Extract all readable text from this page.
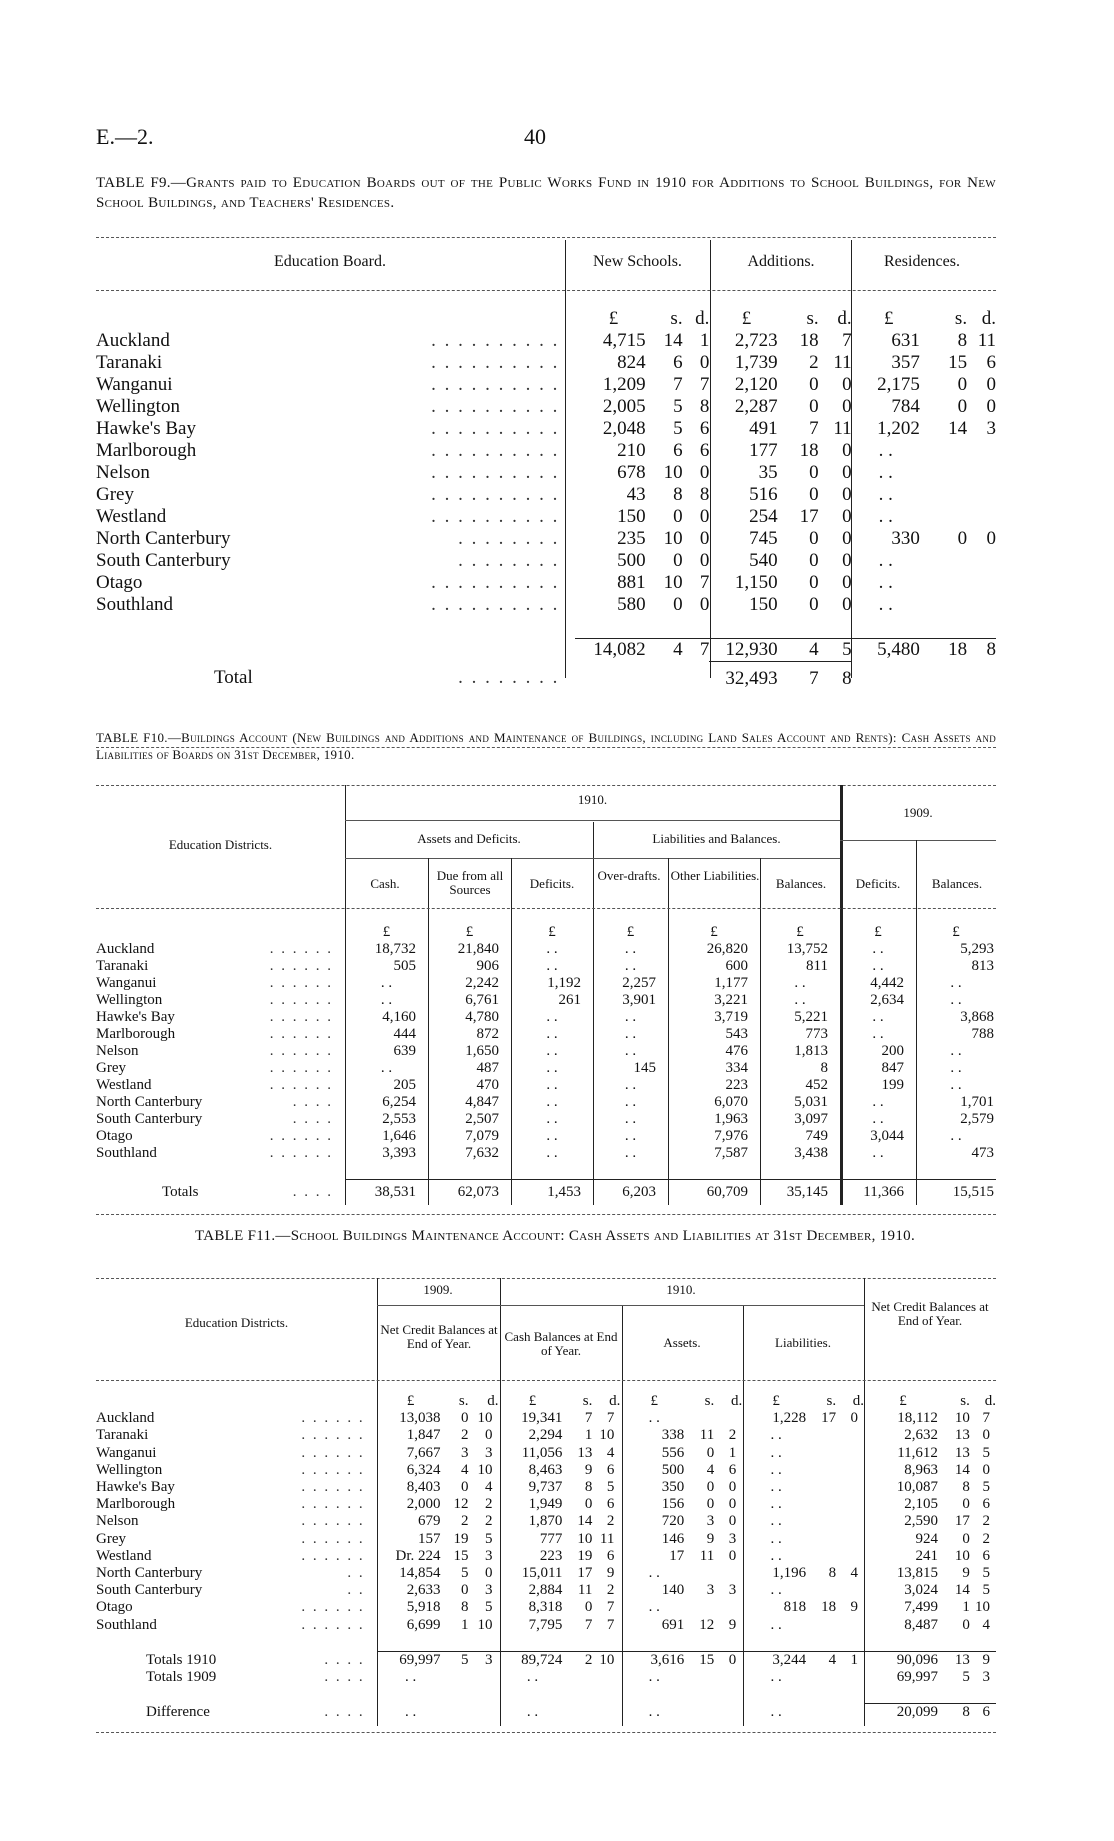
E.—2.	40
TABLE F9.—Grants paid to Education Boards out of the Public Works Fund in 1910 for Additions to School Buildings, for New School Buildings, and Teachers' Residences.
Education Board.	New Schools.	Additions.	Residences.
	£	s.	d.	£	s.	d.	£	s.	d.
Auckland . . . . . . . . . .	4,715	14	1	2,723	18	7	631	8	11
Taranaki . . . . . . . . . .	824	6	0	1,739	2	11	357	15	6
Wanganui . . . . . . . . . .	1,209	7	7	2,120	0	0	2,175	0	0
Wellington . . . . . . . . . .	2,005	5	8	2,287	0	0	784	0	0
Hawke's Bay . . . . . . . . . .	2,048	5	6	491	7	11	1,202	14	3
Marlborough . . . . . . . . . .	210	6	6	177	18	0	. .		
Nelson . . . . . . . . . .	678	10	0	35	0	0	. .		
Grey . . . . . . . . . .	43	8	8	516	0	0	. .		
Westland . . . . . . . . . .	150	0	0	254	17	0	. .		
North Canterbury . . . . . . . .	235	10	0	745	0	0	330	0	0
South Canterbury . . . . . . . .	500	0	0	540	0	0	. .		
Otago . . . . . . . . . .	881	10	7	1,150	0	0	. .		
Southland . . . . . . . . . .	580	0	0	150	0	0	. .		

	14,082	4	7	12,930	4	5	5,480	18	8
Total . . . . . . . .				32,493	7	8			
TABLE F10.—Buildings Account (New Buildings and Additions and Maintenance of Buildings, including Land Sales Account and Rents): Cash Assets and Liabilities of Boards on 31st December, 1910.
1910.
1909.
Education Districts.	Assets and Deficits.	Liabilities and Balances.
Cash.
Due from all Sources	Deficits.
Over-drafts. Other Liabilities.
Balances.	Deficits.	Balances.
	£	£	£	£	£	£	£	£
Auckland . . . . . .	18,732	21,840	. .	. .	26,820	13,752	. .	5,293
Taranaki . . . . . .	505	906	. .	. .	600	811	. .	813
Wanganui . . . . . .	. .	2,242	1,192	2,257	1,177	. .	4,442	. .
Wellington . . . . . .	. .	6,761	261	3,901	3,221	. .	2,634	. .
Hawke's Bay . . . . . .	4,160	4,780	. .	. .	3,719	5,221	. .	3,868
Marlborough . . . . . .	444	872	. .	. .	543	773	. .	788
Nelson . . . . . .	639	1,650	. .	. .	476	1,813	200	. .
Grey . . . . . .	. .	487	. .	145	334	8	847	. .
Westland . . . . . .	205	470	. .	. .	223	452	199	. .
North Canterbury . . . .	6,254	4,847	. .	. .	6,070	5,031	. .	1,701
South Canterbury . . . .	2,553	2,507	. .	. .	1,963	3,097	. .	2,579
Otago . . . . . .	1,646	7,079	. .	. .	7,976	749	3,044	. .
Southland . . . . . .	3,393	7,632	. .	. .	7,587	3,438	. .	473

Totals . . . .	38,531	62,073	1,453	6,203	60,709	35,145	11,366	15,515
TABLE F11.—School Buildings Maintenance Account: Cash Assets and Liabilities at 31st December, 1910.
1909.	1910.
Education Districts.	Net Credit Balances at End of Year.	Cash Balances at End of Year.
Assets.	Liabilities.
Net Credit Balances at End of Year.
	£	s.	d.	£	s.	d.	£	s.	d.	£	s.	d.	£	s.	d.
Auckland . . . . . .	13,038	0	10	19,341	7	7	. .			1,228	17	0	18,112	10	7
Taranaki . . . . . .	1,847	2	0	2,294	1	10	338	11	2	. .			2,632	13	0
Wanganui . . . . . .	7,667	3	3	11,056	13	4	556	0	1	. .			11,612	13	5
Wellington . . . . . .	6,324	4	10	8,463	9	6	500	4	6	. .			8,963	14	0
Hawke's Bay . . . . . .	8,403	0	4	9,737	8	5	350	0	0	. .			10,087	8	5
Marlborough . . . . . .	2,000	12	2	1,949	0	6	156	0	0	. .			2,105	0	6
Nelson . . . . . .	679	2	2	1,870	14	2	720	3	0	. .			2,590	17	2
Grey . . . . . .	157	19	5	777	10	11	146	9	3	. .			924	0	2
Westland . . . . . .	Dr. 224	15	3	223	19	6	17	11	0	. .			241	10	6
North Canterbury . .	14,854	5	0	15,011	17	9	. .			1,196	8	4	13,815	9	5
South Canterbury . .	2,633	0	3	2,884	11	2	140	3	3	. .			3,024	14	5
Otago . . . . . .	5,918	8	5	8,318	0	7	. .			818	18	9	7,499	1	10
Southland . . . . . .	6,699	1	10	7,795	7	7	691	12	9	. .			8,487	0	4

Totals 1910 . . . .	69,997	5	3	89,724	2	10	3,616	15	0	3,244	4	1	90,096	13	9
Totals 1909 . . . .	. .			. .			. .			. .			69,997	5	3

Difference . . . .	. .			. .			. .			. .			20,099	8	6
